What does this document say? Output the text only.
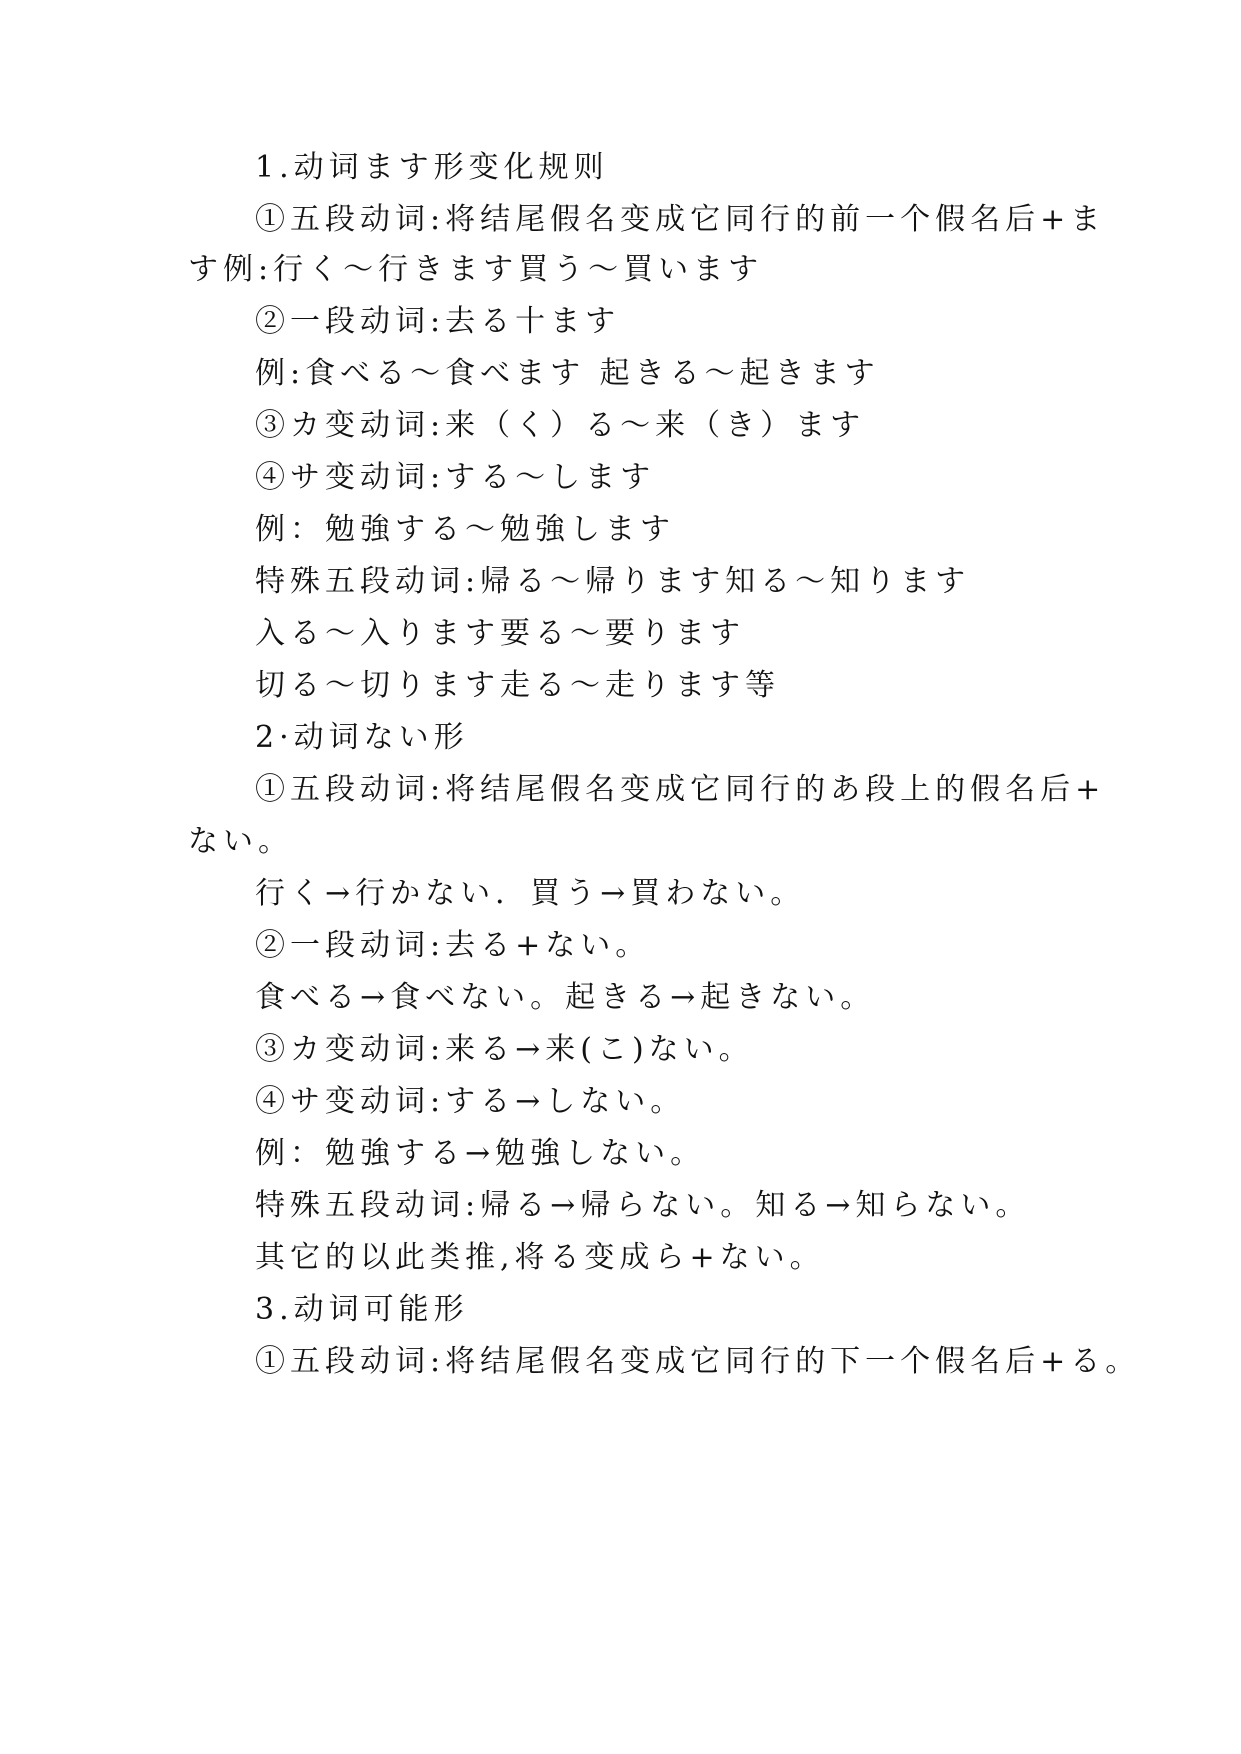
1.动词ます形变化规则
①五段动词:将结尾假名变成它同行的前一个假名后+ま
す例:行く～行きます買う～買います
②一段动词:去る十ます
例:食べる～食べます 起きる～起きます
③カ变动词:来（く）る～来（き）ます
④サ变动词:する～します
例：勉強する～勉強します
特殊五段动词:帰る～帰ります知る～知ります
入る～入ります要る～要ります
切る～切ります走る～走ります等
2·动词ない形
①五段动词:将结尾假名变成它同行的あ段上的假名后+
ない。
行く→行かない．買う→買わない。
②一段动词:去る+ない。
食べる→食べない。起きる→起きない。
③カ变动词:来る→来(こ)ない。
④サ变动词:する→しない。
例：勉強する→勉強しない。
特殊五段动词:帰る→帰らない。知る→知らない。
其它的以此类推,将る变成ら+ない。
3.动词可能形
①五段动词:将结尾假名变成它同行的下一个假名后+る。
